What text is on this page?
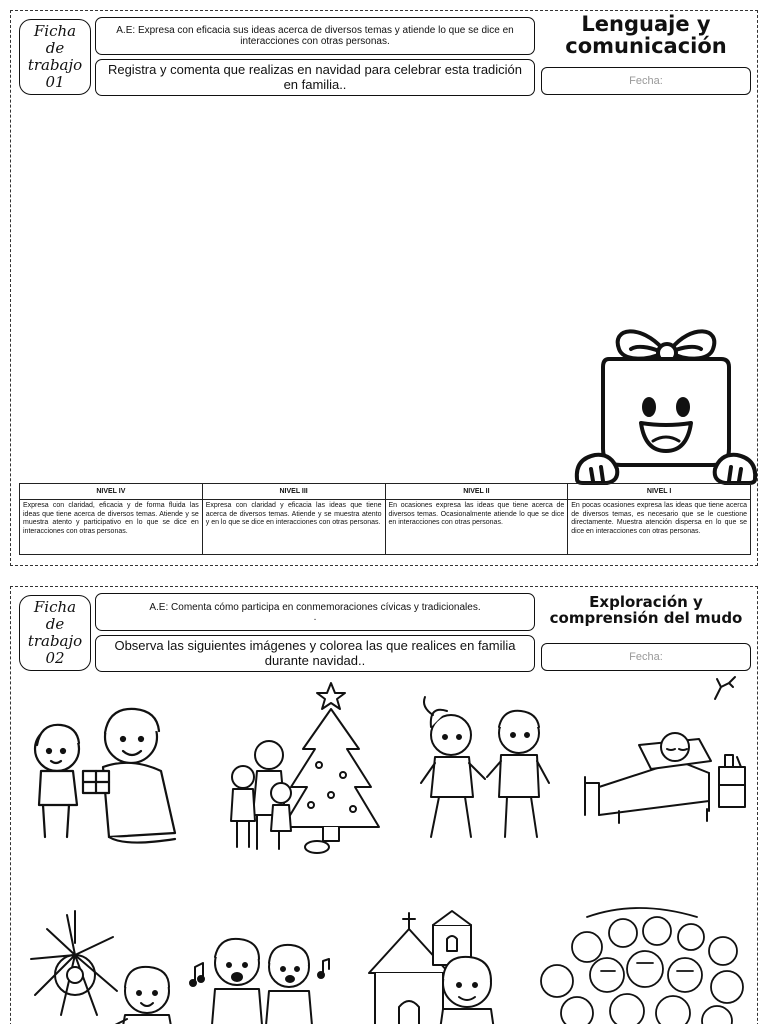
Ficha
de
trabajo
01
A.E: Expresa con eficacia sus ideas acerca de diversos temas y atiende lo que se dice en interacciones con otras personas.
Registra y comenta que realizas en navidad para celebrar esta tradición en familia..
Lenguaje y comunicación
Fecha:
NIVEL IV	NIVEL III	NIVEL II	NIVEL I
Expresa con claridad, eficacia y de forma fluida las ideas que tiene acerca de diversos temas. Atiende y se muestra atento y participativo en lo que se dice en interacciones con otras personas.	Expresa con claridad y eficacia las ideas que tiene acerca de diversos temas. Atiende y se muestra atento y en lo que se dice en interacciones con otras personas.	En ocasiones expresa las ideas que tiene acerca de diversos temas. Ocasionalmente atiende lo que se dice en interacciones con otras personas.	En pocas ocasiones expresa las ideas que tiene acerca de diversos temas, es necesario que se le cuestione directamente. Muestra atención dispersa en lo que se dice en interacciones con otras personas.
Ficha
de
trabajo
02
A.E: Comenta cómo participa en conmemoraciones cívicas y tradicionales.
.
Observa las siguientes imágenes y colorea las que realices en familia durante navidad..
Exploración y comprensión del mudo
Fecha:
